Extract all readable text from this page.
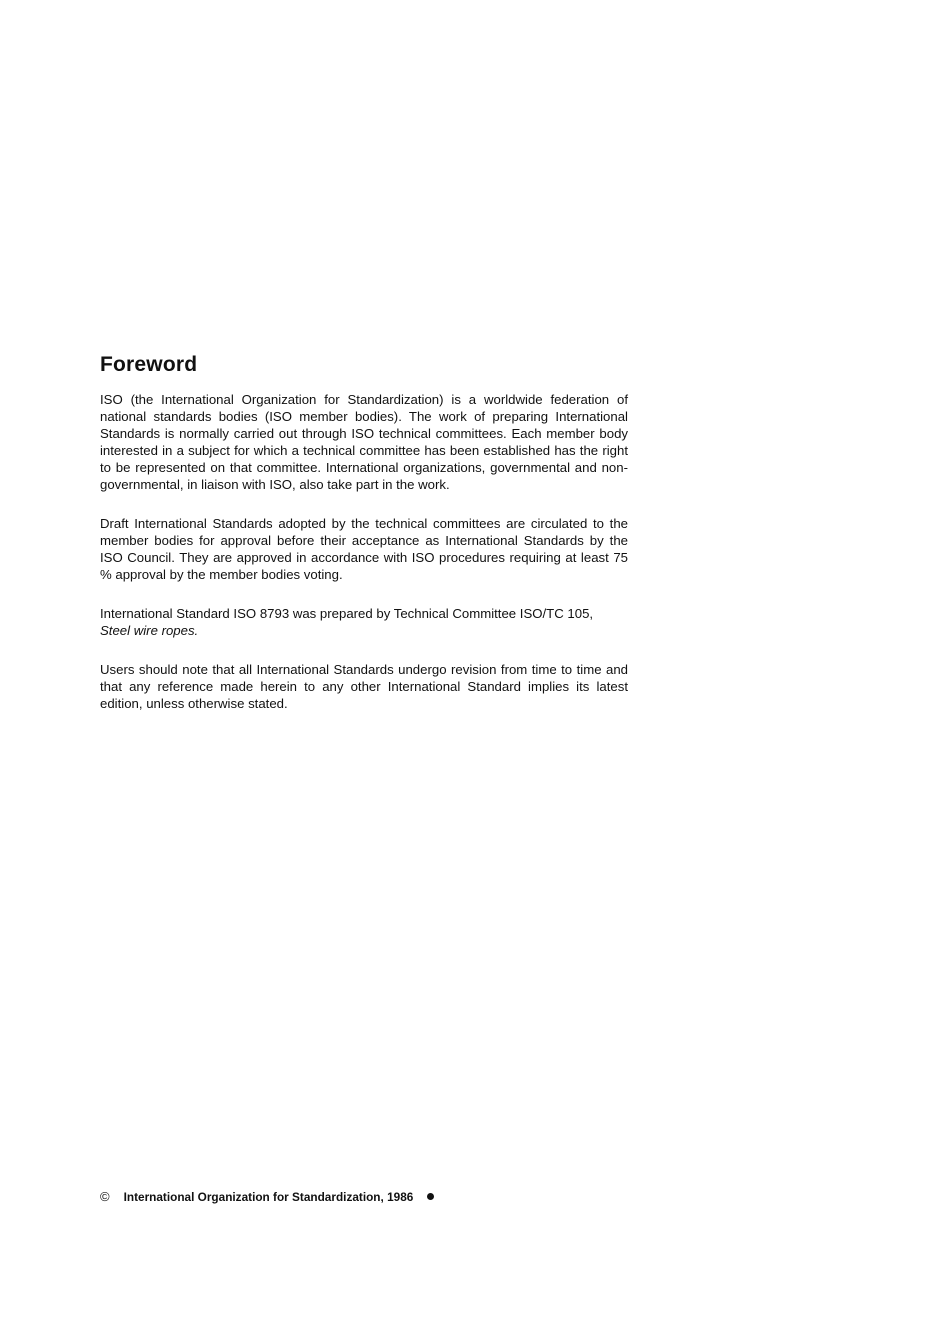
Foreword

ISO (the International Organization for Standardization) is a worldwide federation of national standards bodies (ISO member bodies). The work of preparing International Standards is normally carried out through ISO technical committees. Each member body interested in a subject for which a technical committee has been established has the right to be represented on that committee. International organizations, governmental and non-governmental, in liaison with ISO, also take part in the work.

Draft International Standards adopted by the technical committees are circulated to the member bodies for approval before their acceptance as International Standards by the ISO Council. They are approved in accordance with ISO procedures requiring at least 75 % approval by the member bodies voting.

International Standard ISO 8793 was prepared by Technical Committee ISO/TC 105,
Steel wire ropes.

Users should note that all International Standards undergo revision from time to time and that any reference made herein to any other International Standard implies its latest edition, unless otherwise stated.

© International Organization for Standardization, 1986
